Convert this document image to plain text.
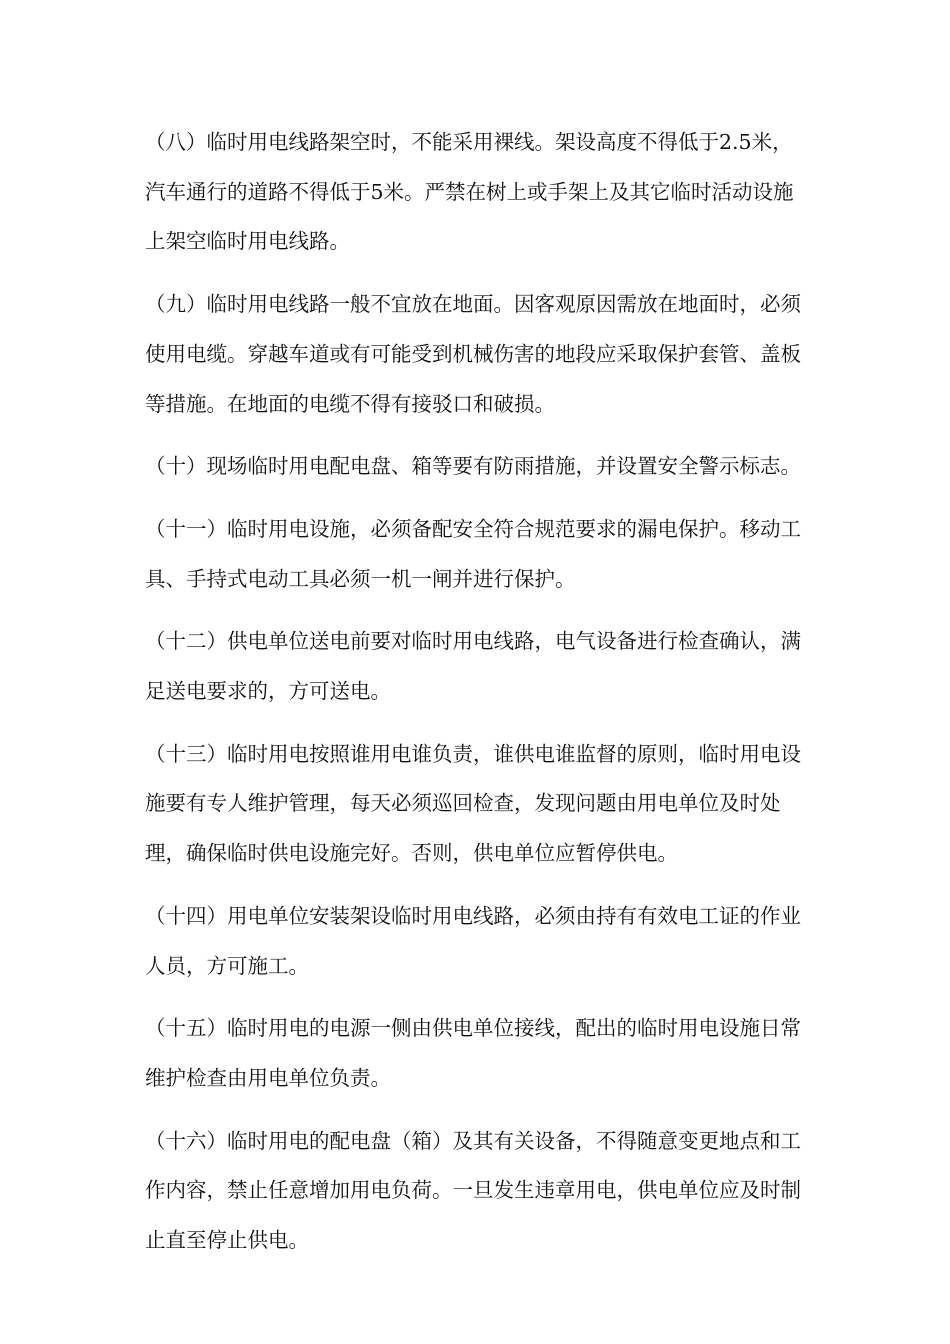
（八）临时用电线路架空时，不能采用裸线。架设高度不得低于2.5米，汽车通行的道路不得低于5米。严禁在树上或手架上及其它临时活动设施上架空临时用电线路。

（九）临时用电线路一般不宜放在地面。因客观原因需放在地面时，必须使用电缆。穿越车道或有可能受到机械伤害的地段应采取保护套管、盖板等措施。在地面的电缆不得有接驳口和破损。

（十）现场临时用电配电盘、箱等要有防雨措施，并设置安全警示标志。

（十一）临时用电设施，必须备配安全符合规范要求的漏电保护。移动工具、手持式电动工具必须一机一闸并进行保护。

（十二）供电单位送电前要对临时用电线路，电气设备进行检查确认，满足送电要求的，方可送电。

（十三）临时用电按照谁用电谁负责，谁供电谁监督的原则，临时用电设施要有专人维护管理，每天必须巡回检查，发现问题由用电单位及时处理，确保临时供电设施完好。否则，供电单位应暂停供电。

（十四）用电单位安装架设临时用电线路，必须由持有有效电工证的作业人员，方可施工。

（十五）临时用电的电源一侧由供电单位接线，配出的临时用电设施日常维护检查由用电单位负责。

（十六）临时用电的配电盘（箱）及其有关设备，不得随意变更地点和工作内容，禁止任意增加用电负荷。一旦发生违章用电，供电单位应及时制止直至停止供电。
